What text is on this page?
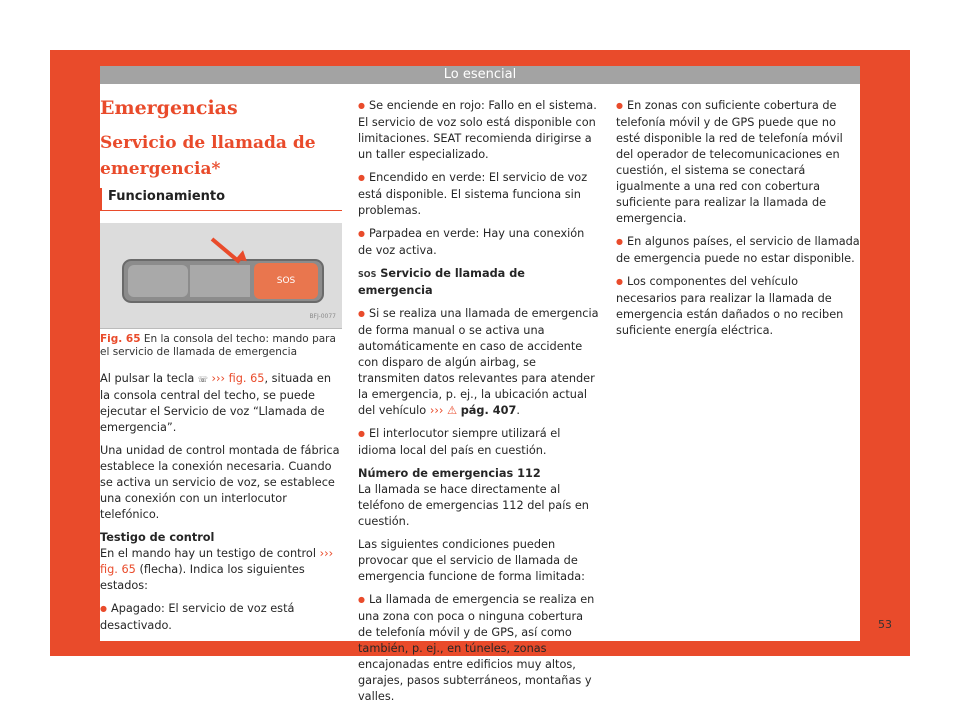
Lo esencial
Emergencias
Servicio de llamada de emergencia*
Funcionamiento
SOS
BFJ-0077
Fig. 65 En la consola del techo: mando para el servicio de llamada de emergencia

Al pulsar la tecla ☏ ››› fig. 65, situada en la consola central del techo, se puede ejecutar el Servicio de voz “Llamada de emergencia”.

Una unidad de control montada de fábrica establece la conexión necesaria. Cuando se activa un servicio de voz, se establece una conexión con un interlocutor telefónico.

Testigo de control

En el mando hay un testigo de control ››› fig. 65 (flecha). Indica los siguientes estados:

● Apagado: El servicio de voz está desactivado.

● Se enciende en rojo: Fallo en el sistema. El servicio de voz solo está disponible con limitaciones. SEAT recomienda dirigirse a un taller especializado.

● Encendido en verde: El servicio de voz está disponible. El sistema funciona sin problemas.

● Parpadea en verde: Hay una conexión de voz activa.

SOS Servicio de llamada de emergencia

● Si se realiza una llamada de emergencia de forma manual o se activa una automáticamente en caso de accidente con disparo de algún airbag, se transmiten datos relevantes para atender la emergencia, p. ej., la ubicación actual del vehículo ››› ⚠ pág. 407.

● El interlocutor siempre utilizará el idioma local del país en cuestión.

Número de emergencias 112

La llamada se hace directamente al teléfono de emergencias 112 del país en cuestión.

Las siguientes condiciones pueden provocar que el servicio de llamada de emergencia funcione de forma limitada:

● La llamada de emergencia se realiza en una zona con poca o ninguna cobertura de telefonía móvil y de GPS, así como también, p. ej., en túneles, zonas encajonadas entre edificios muy altos, garajes, pasos subterráneos, montañas y valles.

● En zonas con suficiente cobertura de telefonía móvil y de GPS puede que no esté disponible la red de telefonía móvil del operador de telecomunicaciones en cuestión, el sistema se conectará igualmente a una red con cobertura suficiente para realizar la llamada de emergencia.

● En algunos países, el servicio de llamada de emergencia puede no estar disponible.

● Los componentes del vehículo necesarios para realizar la llamada de emergencia están dañados o no reciben suficiente energía eléctrica.

53
